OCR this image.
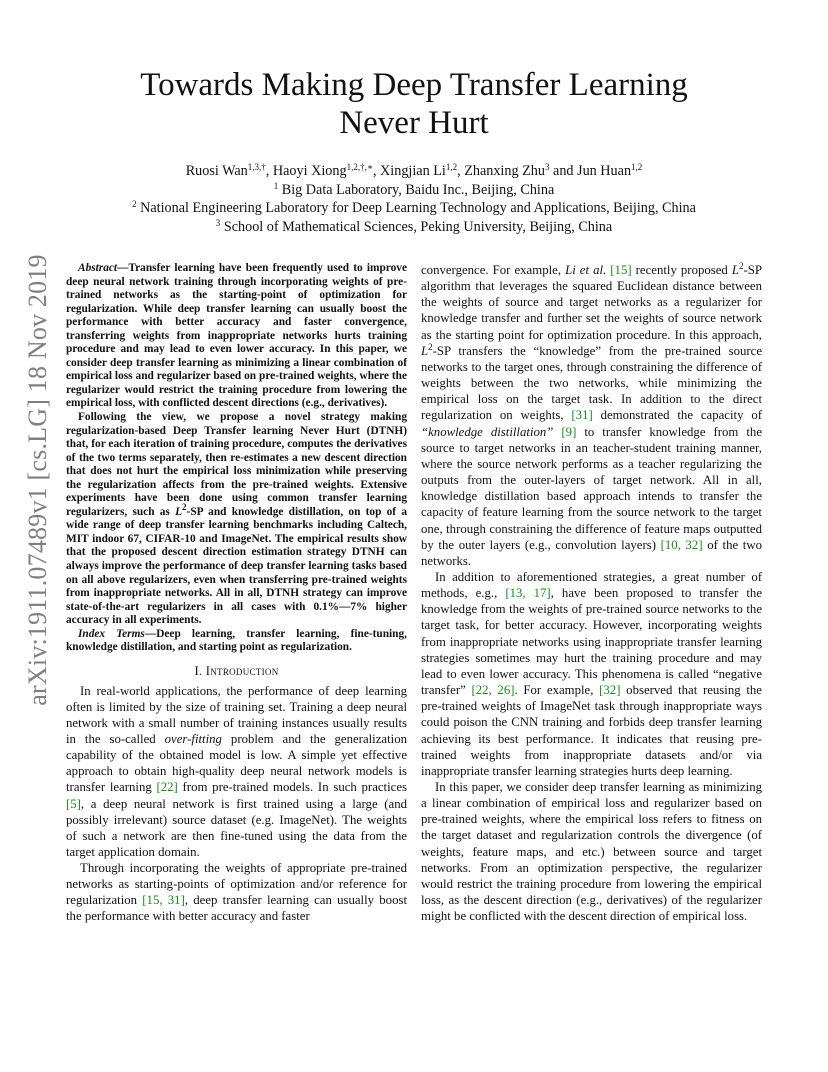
Towards Making Deep Transfer Learning
Never Hurt
Ruosi Wan$^{1,3,\dagger}$, Haoyi Xiong$^{1,2,\dagger,∗}$, Xingjian Li$^{1,2}$, Zhanxing Zhu$^3$ and Jun Huan$^{1,2}$
$^1$ Big Data Laboratory, Baidu Inc., Beijing, China
$^2$ National Engineering Laboratory for Deep Learning Technology and Applications, Beijing, China
$^3$ School of Mathematical Sciences, Peking University, Beijing, China
arXiv:1911.07489v1 [cs.LG] 18 Nov 2019	Abstract—Transfer learning have been frequently used to improve deep neural network training through incorporating weights of pre-trained networks as the starting-point of optimization for regularization. While deep transfer learning can usually boost the performance with better accuracy and faster convergence, transferring weights from inappropriate networks hurts training procedure and may lead to even lower accuracy. In this paper, we consider deep transfer learning as minimizing a linear combination of empirical loss and regularizer based on pre-trained weights, where the regularizer would restrict the training procedure from lowering the empirical loss, with conflicted descent directions (e.g., derivatives).

Following the view, we propose a novel strategy making regularization-based Deep Transfer learning Never Hurt (DTNH) that, for each iteration of training procedure, computes the derivatives of the two terms separately, then re-estimates a new descent direction that does not hurt the empirical loss minimization while preserving the regularization affects from the pre-trained weights. Extensive experiments have been done using common transfer learning regularizers, such as $L^2-SP$ and knowledge distillation, on top of a wide range of deep transfer learning benchmarks including Caltech, MIT indoor 67, CIFAR-10 and ImageNet. The empirical results show that the proposed descent direction estimation strategy DTNH can always improve the performance of deep transfer learning tasks based on all above regularizers, even when transferring pre-trained weights from inappropriate networks. All in all, DTNH strategy can improve state-of-the-art regularizers in all cases with 0.1%—7% higher accuracy in all experiments.

Index Terms—Deep learning, transfer learning, fine-tuning, knowledge distillation, and starting point as regularization.

I. Introduction

In real-world applications, the performance of deep learning often is limited by the size of training set. Training a deep neural network with a small number of training instances usually results in the so-called over-fitting problem and the generalization capability of the obtained model is low. A simple yet effective approach to obtain high-quality deep neural network models is transfer learning [22] from pre-trained models. In such practices [5], a deep neural network is first trained using a large (and possibly irrelevant) source dataset (e.g. ImageNet). The weights of such a network are then fine-tuned using the data from the target application domain.

Through incorporating the weights of appropriate pre-trained networks as starting-points of optimization and/or reference for regularization [15, 31], deep transfer learning can usually boost the performance with better accuracy and faster

convergence. For example, Li et al. [15] recently proposed $L^2-SP$ algorithm that leverages the squared Euclidean distance between the weights of source and target networks as a regularizer for knowledge transfer and further set the weights of source network as the starting point for optimization procedure. In this approach, $L^2-SP$ transfers the “knowledge” from the pre-trained source networks to the target ones, through constraining the difference of weights between the two networks, while minimizing the empirical loss on the target task. In addition to the direct regularization on weights, [31] demonstrated the capacity of “knowledge distillation” [9] to transfer knowledge from the source to target networks in an teacher-student training manner, where the source network performs as a teacher regularizing the outputs from the outer-layers of target network. All in all, knowledge distillation based approach intends to transfer the capacity of feature learning from the source network to the target one, through constraining the difference of feature maps outputted by the outer layers (e.g., convolution layers) [10, 32] of the two networks.

In addition to aforementioned strategies, a great number of methods, e.g., [13, 17], have been proposed to transfer the knowledge from the weights of pre-trained source networks to the target task, for better accuracy. However, incorporating weights from inappropriate networks using inappropriate transfer learning strategies sometimes may hurt the training procedure and may lead to even lower accuracy. This phenomena is called “negative transfer” [22, 26]. For example, [32] observed that reusing the pre-trained weights of ImageNet task through inappropriate ways could poison the CNN training and forbids deep transfer learning achieving its best performance. It indicates that reusing pre-trained weights from inappropriate datasets and/or via inappropriate transfer learning strategies hurts deep learning.

In this paper, we consider deep transfer learning as minimizing a linear combination of empirical loss and regularizer based on pre-trained weights, where the empirical loss refers to fitness on the target dataset and regularization controls the divergence (of weights, feature maps, and etc.) between source and target networks. From an optimization perspective, the regularizer would restrict the training procedure from lowering the empirical loss, as the descent direction (e.g., derivatives) of the regularizer might be conflicted with the descent direction of empirical loss.
